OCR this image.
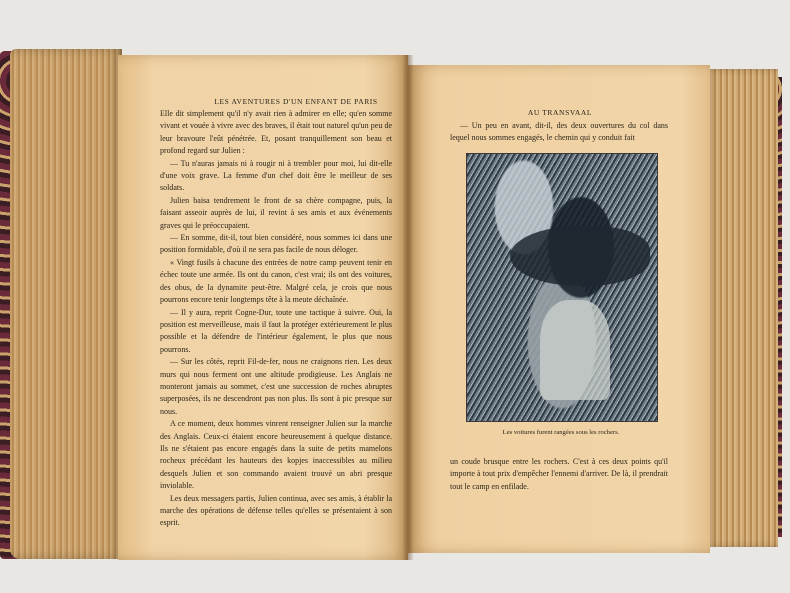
LES AVENTURES D'UN ENFANT DE PARIS

Elle dit simplement qu'il n'y avait rien à admirer en elle; qu'en somme vivant et vouée à vivre avec des braves, il était tout naturel qu'un peu de leur bravoure l'eût pénétrée. Et, posant tranquillement son beau et profond regard sur Julien :

— Tu n'auras jamais ni à rougir ni à trembler pour moi, lui dit-elle d'une voix grave. La femme d'un chef doit être le meilleur de ses soldats.

Julien baisa tendrement le front de sa chère compagne, puis, la faisant asseoir auprès de lui, il revint à ses amis et aux événements graves qui le préoccupaient.

— En somme, dit-il, tout bien considéré, nous sommes ici dans une position formidable, d'où il ne sera pas facile de nous déloger.

« Vingt fusils à chacune des entrées de notre camp peuvent tenir en échec toute une armée. Ils ont du canon, c'est vrai; ils ont des voitures, des obus, de la dynamite peut-être. Malgré cela, je crois que nous pourrons encore tenir longtemps tête à la meute déchaînée.

— Il y aura, reprit Cogne-Dur, toute une tactique à suivre. Oui, la position est merveilleuse, mais il faut la protéger extérieurement le plus possible et la défendre de l'intérieur également, le plus que nous pourrons.

— Sur les côtés, reprit Fil-de-fer, nous ne craignons rien. Les deux murs qui nous ferment ont une altitude prodigieuse. Les Anglais ne monteront jamais au sommet, c'est une succession de roches abruptes superposées, ils ne descendront pas non plus. Ils sont à pic presque sur nous.

A ce moment, deux hommes vinrent renseigner Julien sur la marche des Anglais. Ceux-ci étaient encore heureusement à quelque distance. Ils ne s'étaient pas encore engagés dans la suite de petits mamelons rocheux précédant les hauteurs des kopjes inaccessibles au milieu desquels Julien et son commando avaient trouvé un abri presque inviolable.

Les deux messagers partis, Julien continua, avec ses amis, à établir la marche des opérations de défense telles qu'elles se présentaient à son esprit.

AU TRANSVAAL

— Un peu en avant, dit-il, des deux ouvertures du col dans lequel nous sommes engagés, le chemin qui y conduit fait

Les voitures furent rangées sous les rochers.

un coude brusque entre les rochers. C'est à ces deux points qu'il importe à tout prix d'empêcher l'ennemi d'arriver. De là, il prendrait tout le camp en enfilade.
